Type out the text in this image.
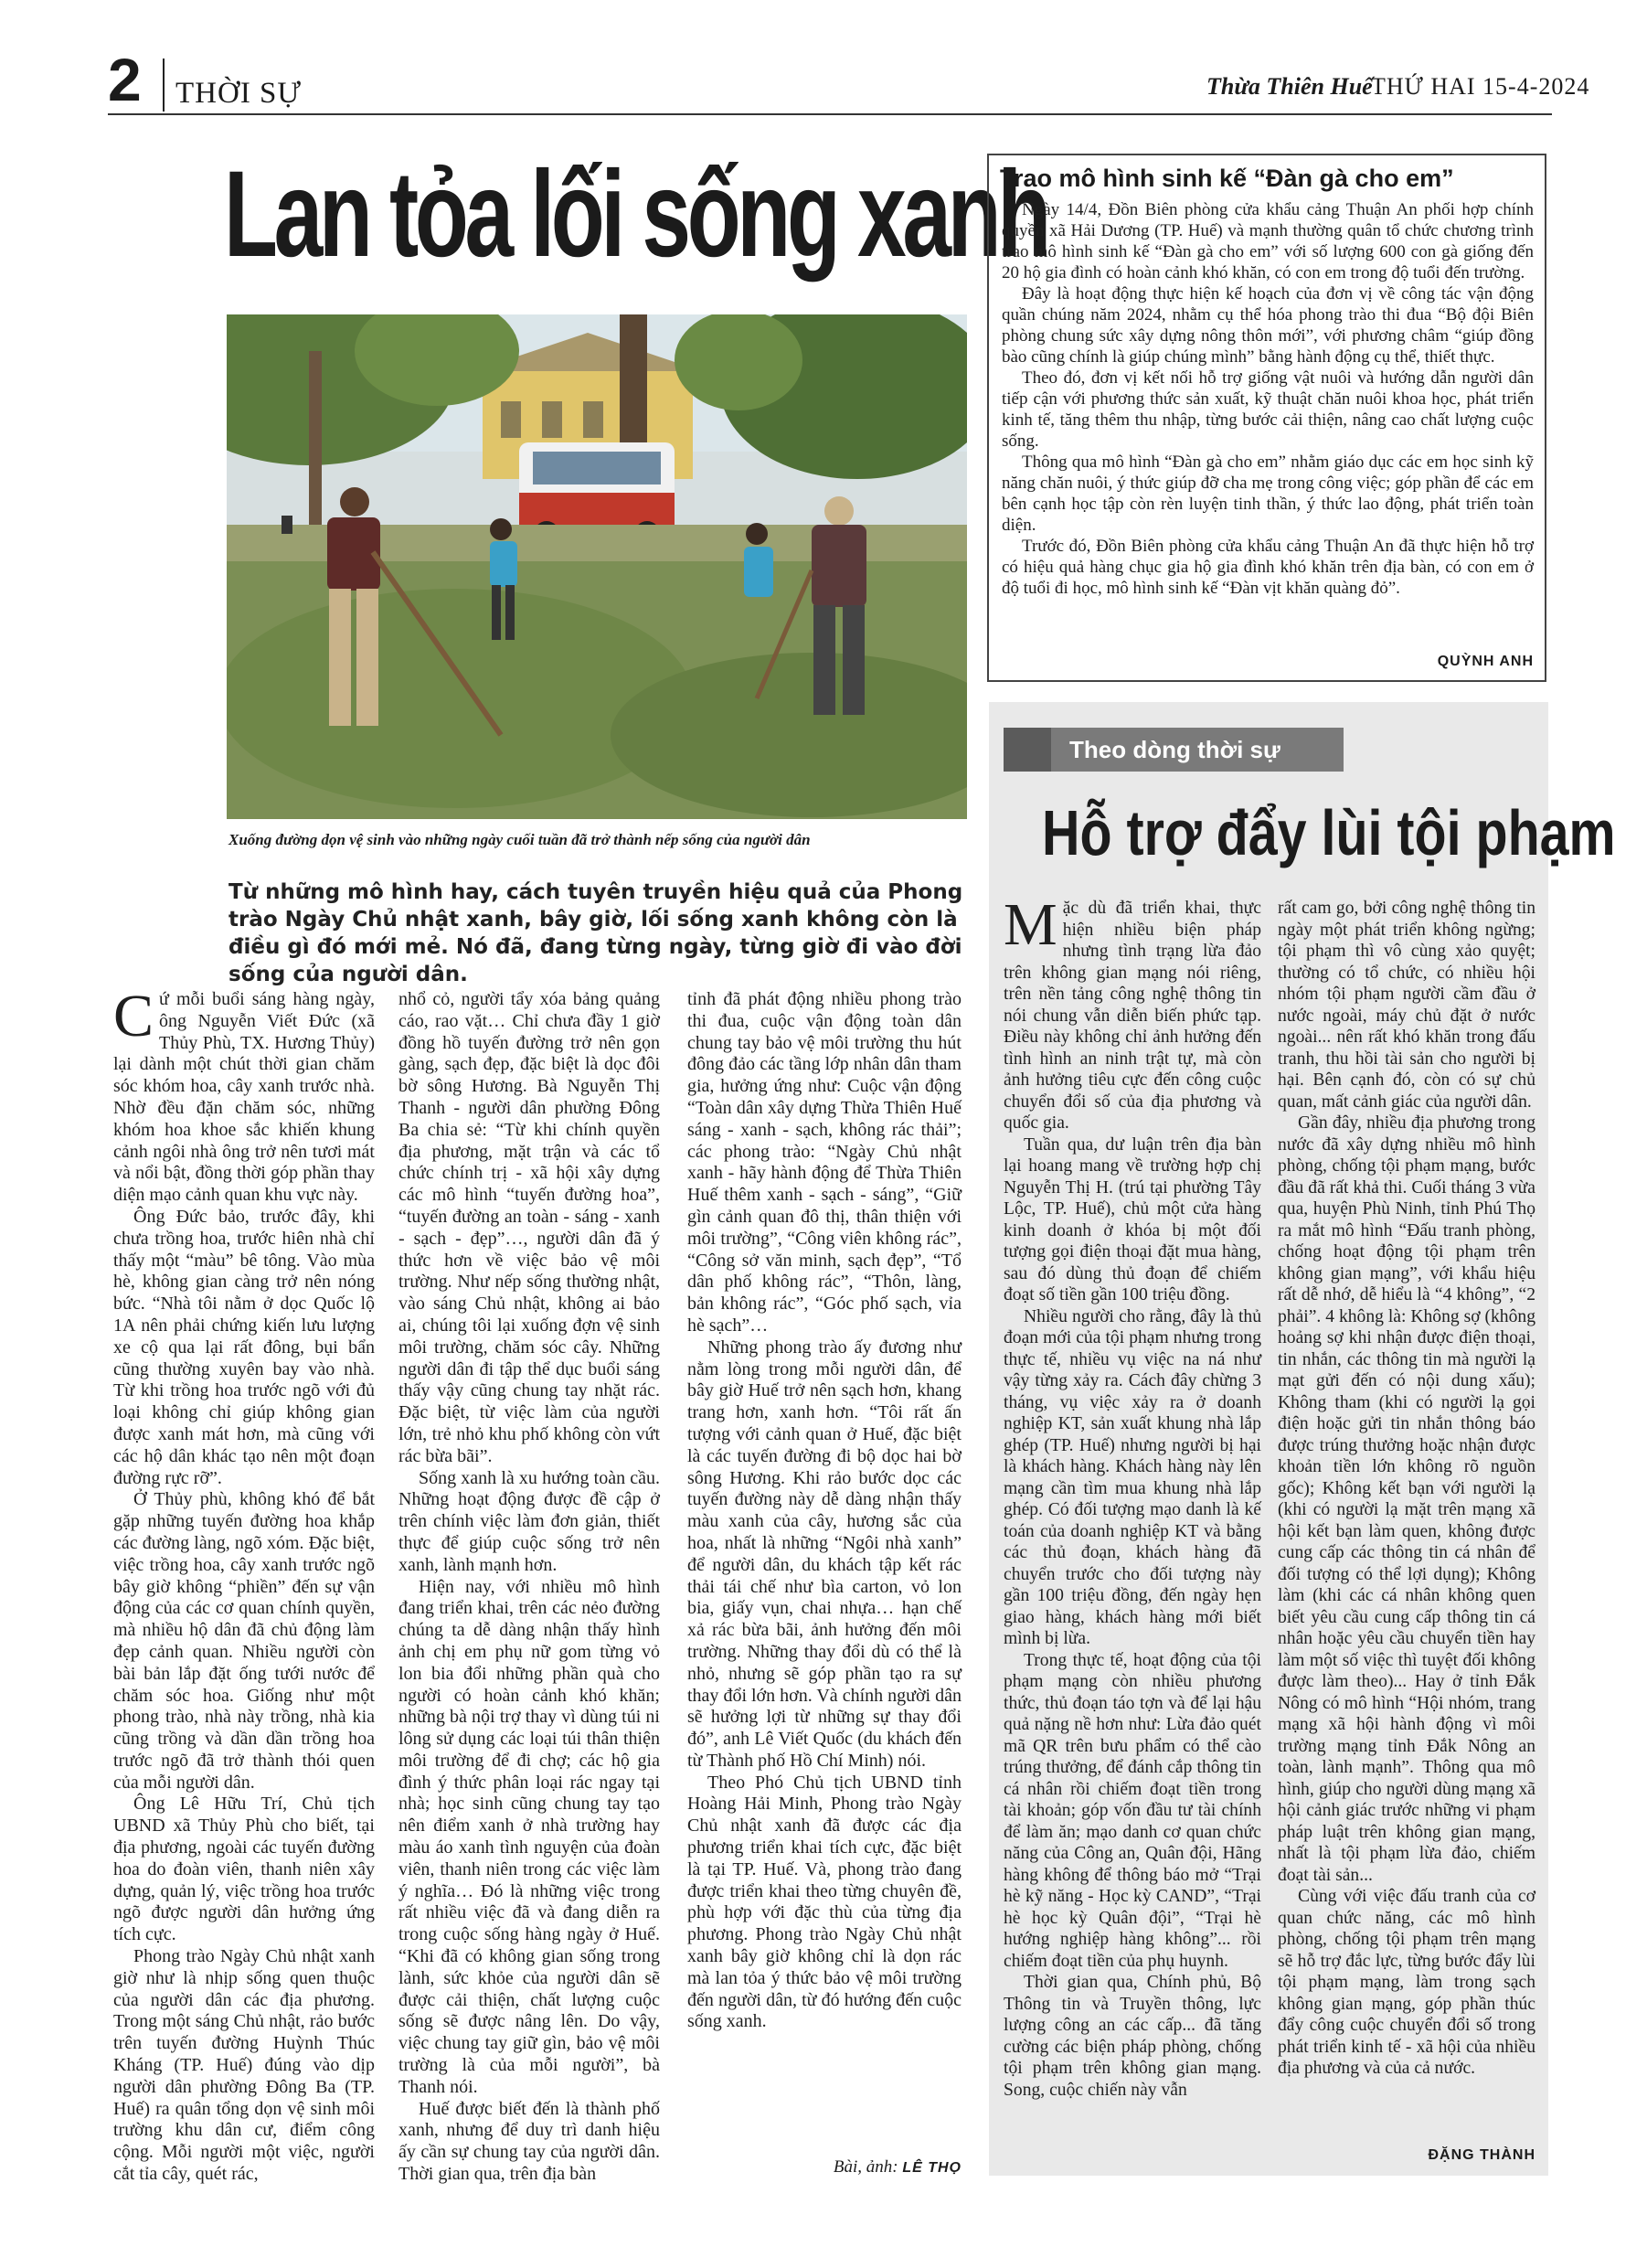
2 THỜI SỰ	Thừa Thiên Huế
THỨ HAI 15-4-2024
Lan tỏa lối sống xanh
Xuống đường dọn vệ sinh vào những ngày cuối tuần đã trở thành nếp sống của người dân
Từ những mô hình hay, cách tuyên truyền hiệu quả của Phong trào Ngày Chủ nhật xanh, bây giờ, lối sống xanh không còn là điều gì đó mới mẻ. Nó đã, đang từng ngày, từng giờ đi vào đời sống của người dân.

Cứ mỗi buổi sáng hàng ngày, ông Nguyễn Viết Đức (xã Thủy Phù, TX. Hương Thủy) lại dành một chút thời gian chăm sóc khóm hoa, cây xanh trước nhà. Nhờ đều đặn chăm sóc, những khóm hoa khoe sắc khiến khung cảnh ngôi nhà ông trở nên tươi mát và nổi bật, đồng thời góp phần thay diện mạo cảnh quan khu vực này.

Ông Đức bảo, trước đây, khi chưa trồng hoa, trước hiên nhà chỉ thấy một “màu” bê tông. Vào mùa hè, không gian càng trở nên nóng bức. “Nhà tôi nằm ở dọc Quốc lộ 1A nên phải chứng kiến lưu lượng xe cộ qua lại rất đông, bụi bẩn cũng thường xuyên bay vào nhà. Từ khi trồng hoa trước ngõ với đủ loại không chỉ giúp không gian được xanh mát hơn, mà cũng với các hộ dân khác tạo nên một đoạn đường rực rỡ”.

Ở Thủy phù, không khó để bắt gặp những tuyến đường hoa khắp các đường làng, ngõ xóm. Đặc biệt, việc trồng hoa, cây xanh trước ngõ bây giờ không “phiền” đến sự vận động của các cơ quan chính quyền, mà nhiều hộ dân đã chủ động làm đẹp cảnh quan. Nhiều người còn bài bản lắp đặt ống tưới nước để chăm sóc hoa. Giống như một phong trào, nhà này trồng, nhà kia cũng trồng và dần dần trồng hoa trước ngõ đã trở thành thói quen của mỗi người dân.

Ông Lê Hữu Trí, Chủ tịch UBND xã Thủy Phù cho biết, tại địa phương, ngoài các tuyến đường hoa do đoàn viên, thanh niên xây dựng, quản lý, việc trồng hoa trước ngõ được người dân hưởng ứng tích cực.

Phong trào Ngày Chủ nhật xanh giờ như là nhịp sống quen thuộc của người dân các địa phương. Trong một sáng Chủ nhật, rảo bước trên tuyến đường Huỳnh Thúc Kháng (TP. Huế) đúng vào dịp người dân phường Đông Ba (TP. Huế) ra quân tổng dọn vệ sinh môi trường khu dân cư, điểm công cộng. Mỗi người một việc, người cắt tỉa cây, quét rác,

nhổ cỏ, người tẩy xóa bảng quảng cáo, rao vặt… Chỉ chưa đầy 1 giờ đồng hồ tuyến đường trở nên gọn gàng, sạch đẹp, đặc biệt là dọc đôi bờ sông Hương. Bà Nguyễn Thị Thanh - người dân phường Đông Ba chia sẻ: “Từ khi chính quyền địa phương, mặt trận và các tổ chức chính trị - xã hội xây dựng các mô hình “tuyến đường hoa”, “tuyến đường an toàn - sáng - xanh - sạch - đẹp”…, người dân đã ý thức hơn về việc bảo vệ môi trường. Như nếp sống thường nhật, vào sáng Chủ nhật, không ai bảo ai, chúng tôi lại xuống đợn vệ sinh môi trường, chăm sóc cây. Những người dân đi tập thể dục buổi sáng thấy vậy cũng chung tay nhặt rác. Đặc biệt, từ việc làm của người lớn, trẻ nhỏ khu phố không còn vứt rác bừa bãi”.

Sống xanh là xu hướng toàn cầu. Những hoạt động được đề cập ở trên chính việc làm đơn giản, thiết thực để giúp cuộc sống trở nên xanh, lành mạnh hơn.

Hiện nay, với nhiều mô hình đang triển khai, trên các nẻo đường chúng ta dễ dàng nhận thấy hình ảnh chị em phụ nữ gom từng vỏ lon bia đổi những phần quà cho người có hoàn cảnh khó khăn; những bà nội trợ thay vì dùng túi ni lông sử dụng các loại túi thân thiện môi trường để đi chợ; các hộ gia đình ý thức phân loại rác ngay tại nhà; học sinh cũng chung tay tạo nên điểm xanh ở nhà trường hay màu áo xanh tình nguyện của đoàn viên, thanh niên trong các việc làm ý nghĩa… Đó là những việc trong rất nhiều việc đã và đang diễn ra trong cuộc sống hàng ngày ở Huế. “Khi đã có không gian sống trong lành, sức khỏe của người dân sẽ được cải thiện, chất lượng cuộc sống sẽ được nâng lên. Do vậy, việc chung tay giữ gìn, bảo vệ môi trường là của mỗi người”, bà Thanh nói.

Huế được biết đến là thành phố xanh, nhưng để duy trì danh hiệu ấy cần sự chung tay của người dân. Thời gian qua, trên địa bàn

tỉnh đã phát động nhiều phong trào thi đua, cuộc vận động toàn dân chung tay bảo vệ môi trường thu hút đông đảo các tầng lớp nhân dân tham gia, hưởng ứng như: Cuộc vận động “Toàn dân xây dựng Thừa Thiên Huế sáng - xanh - sạch, không rác thải”; các phong trào: “Ngày Chủ nhật xanh - hãy hành động để Thừa Thiên Huế thêm xanh - sạch - sáng”, “Giữ gìn cảnh quan đô thị, thân thiện với môi trường”, “Công viên không rác”, “Công sở văn minh, sạch đẹp”, “Tổ dân phố không rác”, “Thôn, làng, bản không rác”, “Góc phố sạch, vỉa hè sạch”…

Những phong trào ấy đương như nằm lòng trong mỗi người dân, để bây giờ Huế trở nên sạch hơn, khang trang hơn, xanh hơn. “Tôi rất ấn tượng với cảnh quan ở Huế, đặc biệt là các tuyến đường đi bộ dọc hai bờ sông Hương. Khi rảo bước dọc các tuyến đường này dễ dàng nhận thấy màu xanh của cây, hương sắc của hoa, nhất là những “Ngôi nhà xanh” để người dân, du khách tập kết rác thải tái chế như bìa carton, vỏ lon bia, giấy vụn, chai nhựa… hạn chế xả rác bừa bãi, ảnh hưởng đến môi trường. Những thay đổi dù có thể là nhỏ, nhưng sẽ góp phần tạo ra sự thay đổi lớn hơn. Và chính người dân sẽ hưởng lợi từ những sự thay đổi đó”, anh Lê Viết Quốc (du khách đến từ Thành phố Hồ Chí Minh) nói.

Theo Phó Chủ tịch UBND tỉnh Hoàng Hải Minh, Phong trào Ngày Chủ nhật xanh đã được các địa phương triển khai tích cực, đặc biệt là tại TP. Huế. Và, phong trào đang được triển khai theo từng chuyên đề, phù hợp với đặc thù của từng địa phương. Phong trào Ngày Chủ nhật xanh bây giờ không chỉ là dọn rác mà lan tỏa ý thức bảo vệ môi trường đến người dân, từ đó hướng đến cuộc sống xanh.

Bài, ảnh: LÊ THỌ
Trao mô hình sinh kế “Đàn gà cho em”

Ngày 14/4, Đồn Biên phòng cửa khẩu cảng Thuận An phối hợp chính quyền xã Hải Dương (TP. Huế) và mạnh thường quân tổ chức chương trình trao mô hình sinh kế “Đàn gà cho em” với số lượng 600 con gà giống đến 20 hộ gia đình có hoàn cảnh khó khăn, có con em trong độ tuổi đến trường.

Đây là hoạt động thực hiện kế hoạch của đơn vị về công tác vận động quần chúng năm 2024, nhằm cụ thể hóa phong trào thi đua “Bộ đội Biên phòng chung sức xây dựng nông thôn mới”, với phương châm “giúp đồng bào cũng chính là giúp chúng mình” bằng hành động cụ thể, thiết thực.

Theo đó, đơn vị kết nối hỗ trợ giống vật nuôi và hướng dẫn người dân tiếp cận với phương thức sản xuất, kỹ thuật chăn nuôi khoa học, phát triển kinh tế, tăng thêm thu nhập, từng bước cải thiện, nâng cao chất lượng cuộc sống.

Thông qua mô hình “Đàn gà cho em” nhằm giáo dục các em học sinh kỹ năng chăn nuôi, ý thức giúp đỡ cha mẹ trong công việc; góp phần để các em bên cạnh học tập còn rèn luyện tinh thần, ý thức lao động, phát triển toàn diện.

Trước đó, Đồn Biên phòng cửa khẩu cảng Thuận An đã thực hiện hỗ trợ có hiệu quả hàng chục gia hộ gia đình khó khăn trên địa bàn, có con em ở độ tuổi đi học, mô hình sinh kế “Đàn vịt khăn quàng đỏ”.

QUỲNH ANH
Theo dòng thời sự
Hỗ trợ đẩy lùi tội phạm

Mặc dù đã triển khai, thực hiện nhiều biện pháp nhưng tình trạng lừa đảo trên không gian mạng nói riêng, trên nền tảng công nghệ thông tin nói chung vẫn diễn biến phức tạp. Điều này không chỉ ảnh hưởng đến tình hình an ninh trật tự, mà còn ảnh hưởng tiêu cực đến công cuộc chuyển đổi số của địa phương và quốc gia.

Tuần qua, dư luận trên địa bàn lại hoang mang về trường hợp chị Nguyễn Thị H. (trú tại phường Tây Lộc, TP. Huế), chủ một cửa hàng kinh doanh ở khóa bị một đối tượng gọi điện thoại đặt mua hàng, sau đó dùng thủ đoạn để chiếm đoạt số tiền gần 100 triệu đồng.

Nhiều người cho rằng, đây là thủ đoạn mới của tội phạm nhưng trong thực tế, nhiều vụ việc na ná như vậy từng xảy ra. Cách đây chừng 3 tháng, vụ việc xảy ra ở doanh nghiệp KT, sản xuất khung nhà lắp ghép (TP. Huế) nhưng người bị hại là khách hàng. Khách hàng này lên mạng cần tìm mua khung nhà lắp ghép. Có đối tượng mạo danh là kế toán của doanh nghiệp KT và bằng các thủ đoạn, khách hàng đã chuyển trước cho đối tượng này gần 100 triệu đồng, đến ngày hẹn giao hàng, khách hàng mới biết mình bị lừa.

Trong thực tế, hoạt động của tội phạm mạng còn nhiều phương thức, thủ đoạn táo tợn và để lại hậu quả nặng nề hơn như: Lừa đảo quét mã QR trên bưu phẩm có thể cào trúng thưởng, để đánh cắp thông tin cá nhân rồi chiếm đoạt tiền trong tài khoản; góp vốn đầu tư tài chính để làm ăn; mạo danh cơ quan chức năng của Công an, Quân đội, Hãng hàng không để thông báo mở “Trại hè kỹ năng - Học kỳ CAND”, “Trại hè học kỳ Quân đội”, “Trại hè hướng nghiệp hàng không”... rồi chiếm đoạt tiền của phụ huynh.

Thời gian qua, Chính phủ, Bộ Thông tin và Truyền thông, lực lượng công an các cấp... đã tăng cường các biện pháp phòng, chống tội phạm trên không gian mạng. Song, cuộc chiến này vẫn

rất cam go, bởi công nghệ thông tin ngày một phát triển không ngừng; tội phạm thì vô cùng xảo quyệt; thường có tổ chức, có nhiều hội nhóm tội phạm người cầm đầu ở nước ngoài, máy chủ đặt ở nước ngoài... nên rất khó khăn trong đấu tranh, thu hồi tài sản cho người bị hại. Bên cạnh đó, còn có sự chủ quan, mất cảnh giác của người dân.

Gần đây, nhiều địa phương trong nước đã xây dựng nhiều mô hình phòng, chống tội phạm mạng, bước đầu đã rất khả thi. Cuối tháng 3 vừa qua, huyện Phù Ninh, tỉnh Phú Thọ ra mắt mô hình “Đấu tranh phòng, chống hoạt động tội phạm trên không gian mạng”, với khẩu hiệu rất dễ nhớ, dễ hiểu là “4 không”, “2 phải”. 4 không là: Không sợ (không hoảng sợ khi nhận được điện thoại, tin nhắn, các thông tin mà người lạ mạt gửi đến có nội dung xấu); Không tham (khi có người lạ gọi điện hoặc gửi tin nhắn thông báo được trúng thưởng hoặc nhận được khoản tiền lớn không rõ nguồn gốc); Không kết bạn với người lạ (khi có người lạ mặt trên mạng xã hội kết bạn làm quen, không được cung cấp các thông tin cá nhân để đối tượng có thể lợi dụng); Không làm (khi các cá nhân không quen biết yêu cầu cung cấp thông tin cá nhân hoặc yêu cầu chuyển tiền hay làm một số việc thì tuyệt đối không được làm theo)... Hay ở tỉnh Đắk Nông có mô hình “Hội nhóm, trang mạng xã hội hành động vì môi trường mạng tỉnh Đắk Nông an toàn, lành mạnh”. Thông qua mô hình, giúp cho người dùng mạng xã hội cảnh giác trước những vi phạm pháp luật trên không gian mạng, nhất là tội phạm lừa đảo, chiếm đoạt tài sản...

Cùng với việc đấu tranh của cơ quan chức năng, các mô hình phòng, chống tội phạm trên mạng sẽ hỗ trợ đắc lực, từng bước đẩy lùi tội phạm mạng, làm trong sạch không gian mạng, góp phần thúc đẩy công cuộc chuyển đổi số trong phát triển kinh tế - xã hội của nhiều địa phương và của cả nước.

ĐẶNG THÀNH
